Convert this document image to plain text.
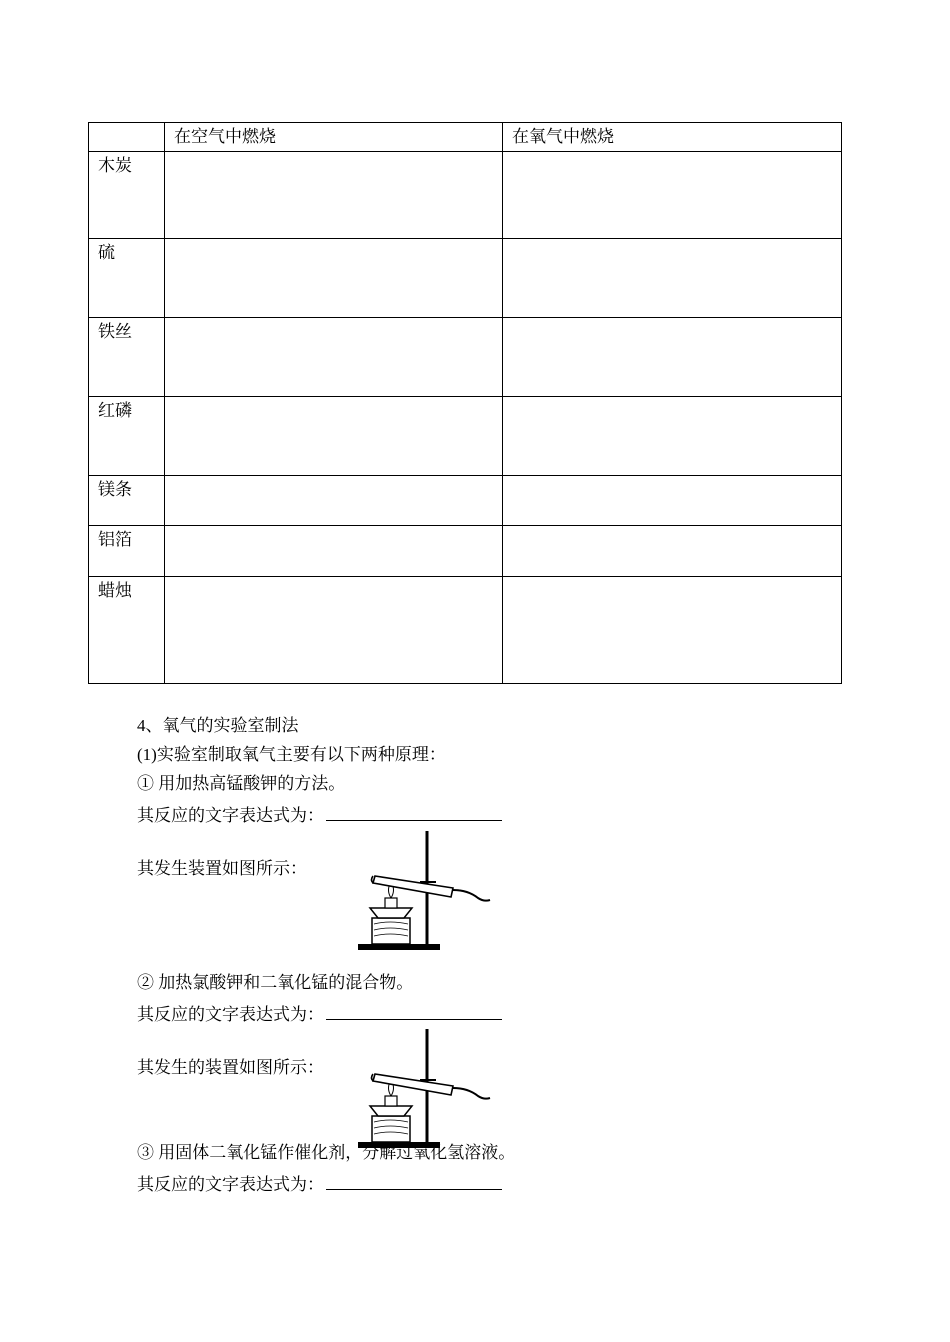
	在空气中燃烧	在氧气中燃烧
木炭		
硫		
铁丝		
红磷		
镁条		
铝箔		
蜡烛		
4、氧气的实验室制法
(1)实验室制取氧气主要有以下两种原理：
① 用加热高锰酸钾的方法。
其反应的文字表达式为：
其发生装置如图所示：
② 加热氯酸钾和二氧化锰的混合物。
其反应的文字表达式为：
其发生的装置如图所示：
③ 用固体二氧化锰作催化剂，分解过氧化氢溶液。
其反应的文字表达式为：
